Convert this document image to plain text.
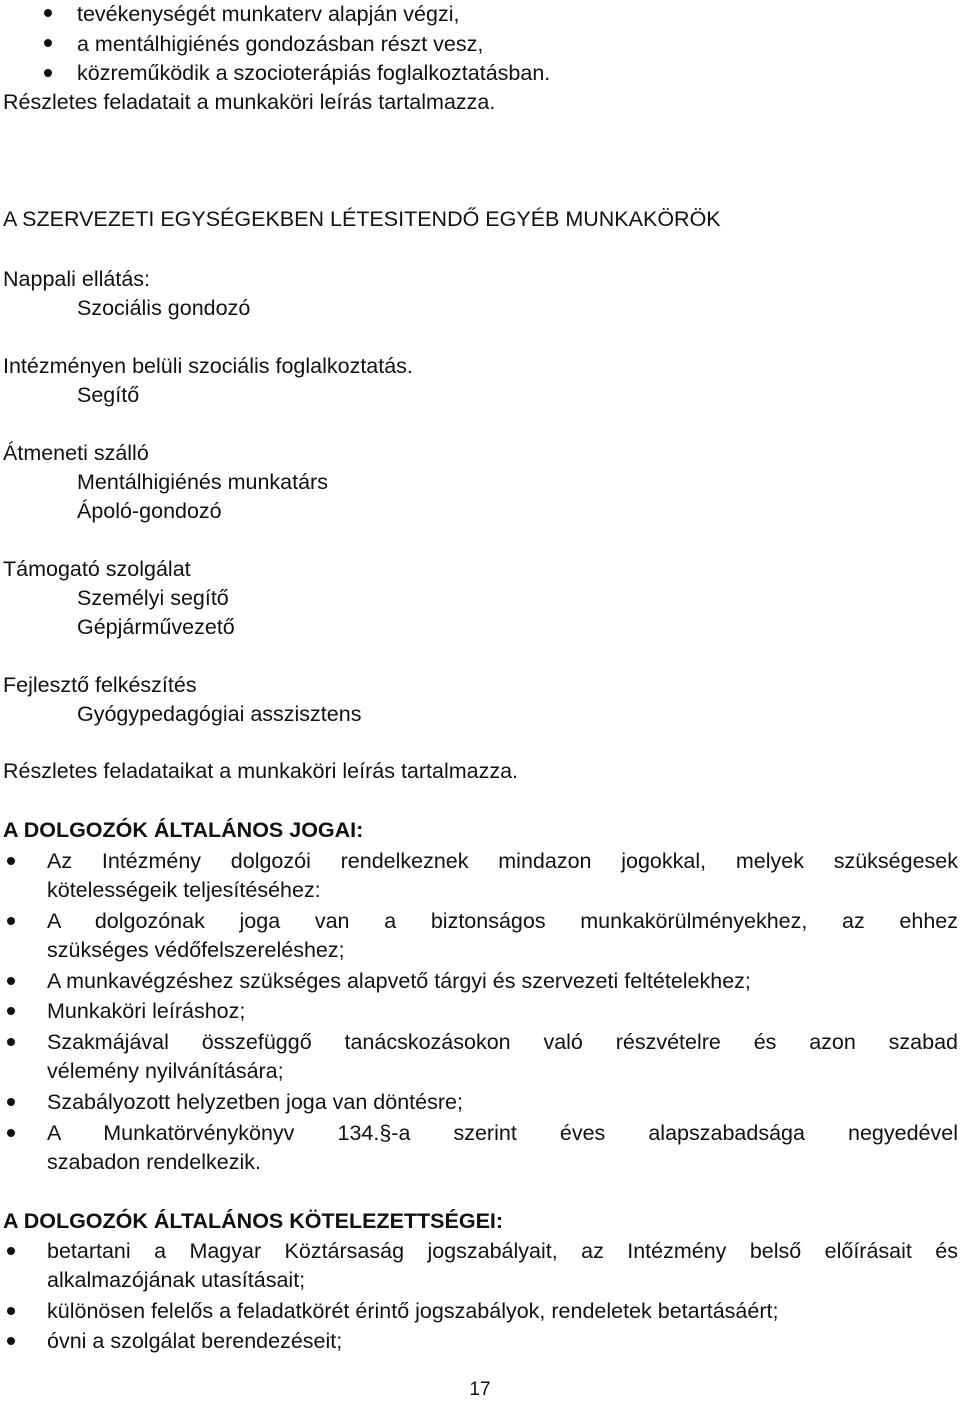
tevékenységét munkaterv alapján végzi,
a mentálhigiénés gondozásban részt vesz,
közreműködik a szocioterápiás foglalkoztatásban.
Részletes feladatait a munkaköri leírás tartalmazza.
A SZERVEZETI EGYSÉGEKBEN LÉTESITENDŐ EGYÉB MUNKAKÖRÖK
Nappali ellátás:
Szociális gondozó
Intézményen belüli szociális foglalkoztatás.
Segítő
Átmeneti szálló
Mentálhigiénés munkatárs
Ápoló-gondozó
Támogató szolgálat
Személyi segítő
Gépjárművezető
Fejlesztő felkészítés
Gyógypedagógiai asszisztens
Részletes feladataikat a munkaköri leírás tartalmazza.
A DOLGOZÓK ÁLTALÁNOS JOGAI:
Az Intézmény dolgozói rendelkeznek mindazon jogokkal, melyek szükségesek
kötelességeik teljesítéséhez:
A dolgozónak joga van a biztonságos munkakörülményekhez, az ehhez
szükséges védőfelszereléshez;
A munkavégzéshez szükséges alapvető tárgyi és szervezeti feltételekhez;
Munkaköri leíráshoz;
Szakmájával összefüggő tanácskozásokon való részvételre és azon szabad
vélemény nyilvánítására;
Szabályozott helyzetben joga van döntésre;
A Munkatörvénykönyv 134.§-a szerint éves alapszabadsága negyedével
szabadon rendelkezik.
A DOLGOZÓK ÁLTALÁNOS KÖTELEZETTSÉGEI:
betartani a Magyar Köztársaság jogszabályait, az Intézmény belső előírásait és
alkalmazójának utasításait;
különösen felelős a feladatkörét érintő jogszabályok, rendeletek betartásáért;
óvni a szolgálat berendezéseit;
17
